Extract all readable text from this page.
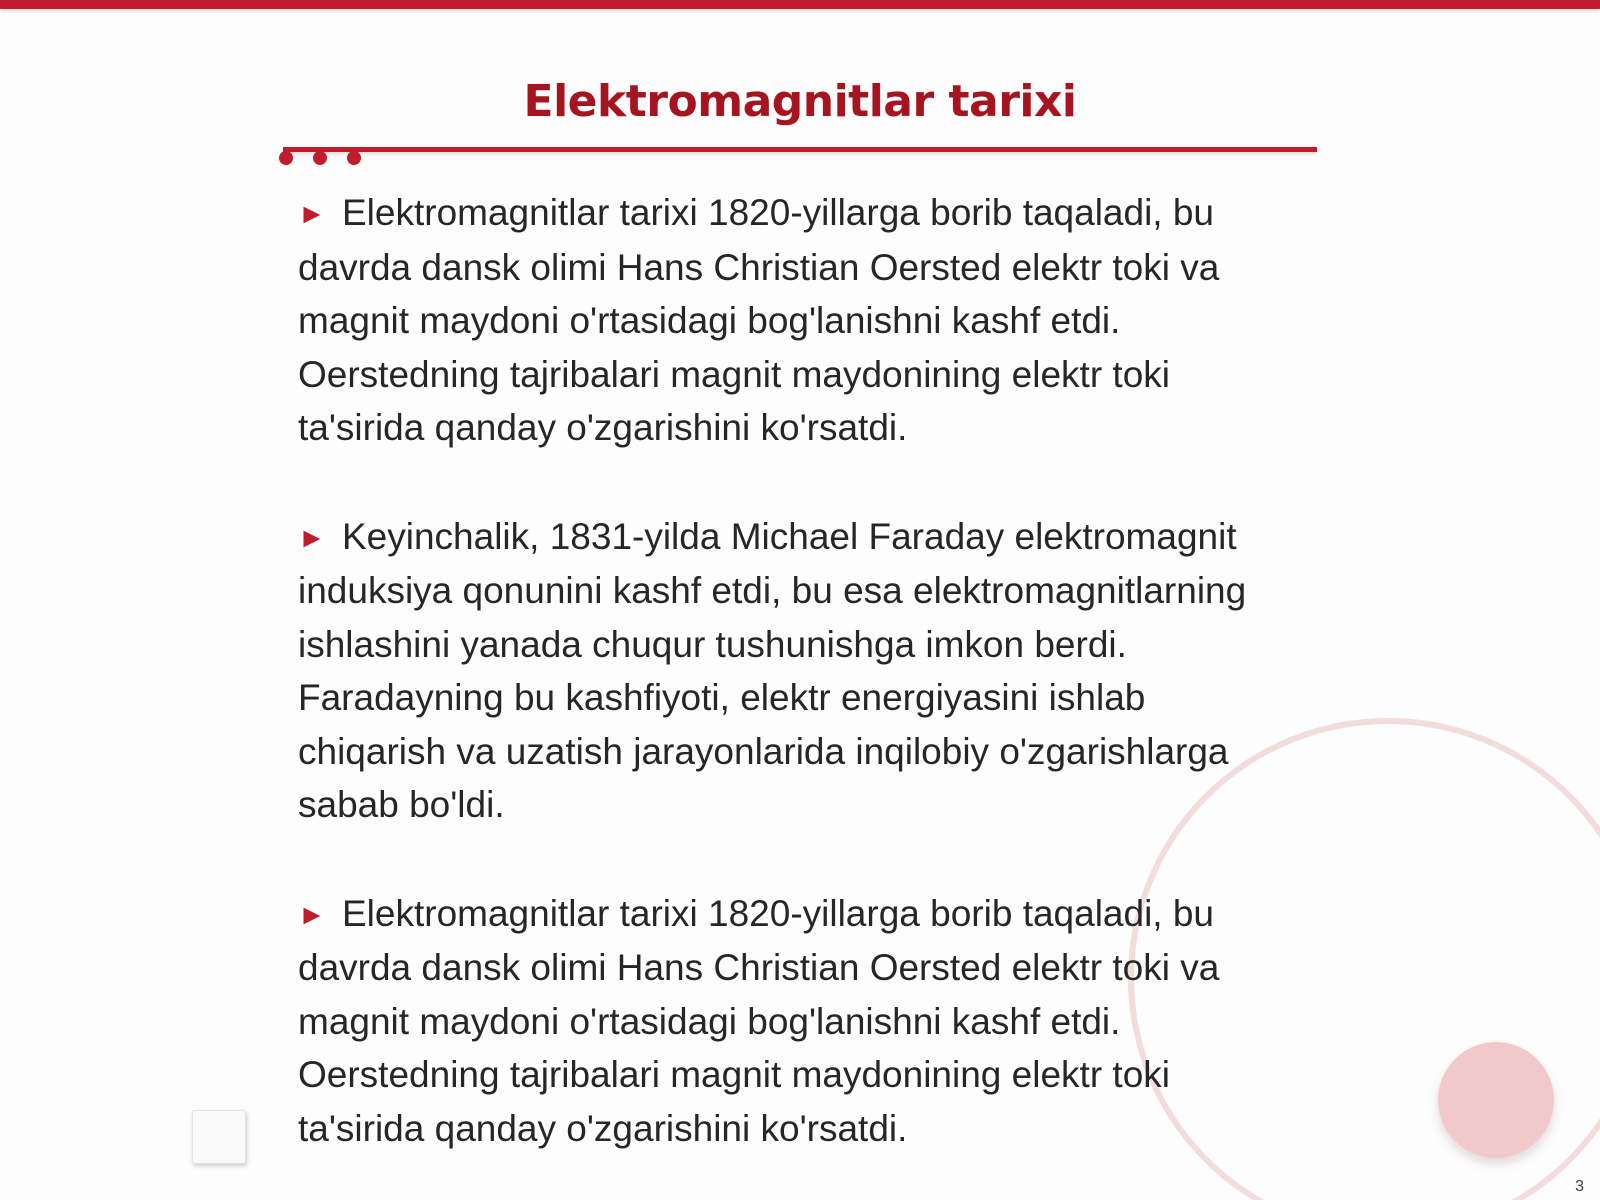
Elektromagnitlar tarixi

► Elektromagnitlar tarixi 1820-yillarga borib taqaladi, bu davrda dansk olimi Hans Christian Oersted elektr toki va magnit maydoni o'rtasidagi bog'lanishni kashf etdi. Oerstedning tajribalari magnit maydonining elektr toki ta'sirida qanday o'zgarishini ko'rsatdi.

► Keyinchalik, 1831-yilda Michael Faraday elektromagnit induksiya qonunini kashf etdi, bu esa elektromagnitlarning ishlashini yanada chuqur tushunishga imkon berdi. Faradayning bu kashfiyoti, elektr energiyasini ishlab chiqarish va uzatish jarayonlarida inqilobiy o'zgarishlarga sabab bo'ldi.

► Elektromagnitlar tarixi 1820-yillarga borib taqaladi, bu davrda dansk olimi Hans Christian Oersted elektr toki va magnit maydoni o'rtasidagi bog'lanishni kashf etdi. Oerstedning tajribalari magnit maydonining elektr toki ta'sirida qanday o'zgarishini ko'rsatdi.

3
